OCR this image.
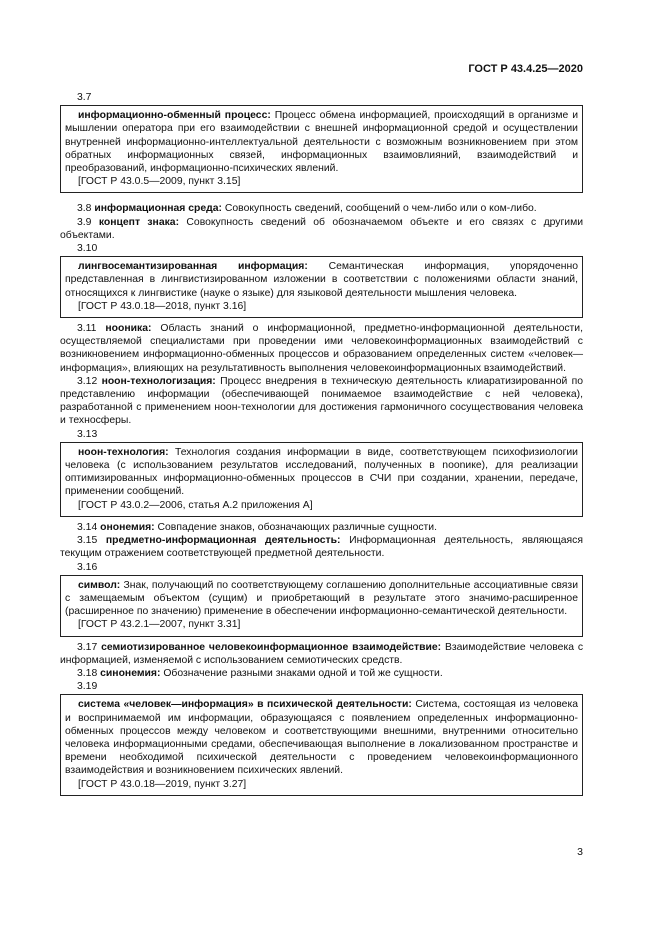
ГОСТ Р 43.4.25—2020
3.7

информационно-обменный процесс: Процесс обмена информацией, происходящий в организме и мышлении оператора при его взаимодействии с внешней информационной средой и осуществлении внутренней информационно-интеллектуальной деятельности с возможным возникновением при этом обратных информационных связей, информационных взаимовлияний, взаимодействий и преобразований, информационно-психических явлений.

[ГОСТ Р 43.0.5—2009, пункт 3.15]

3.8 информационная среда: Совокупность сведений, сообщений о чем-либо или о ком-либо.

3.9 концепт знака: Совокупность сведений об обозначаемом объекте и его связях с другими объектами.

3.10

лингвосемантизированная информация: Семантическая информация, упорядоченно представленная в лингвистизированном изложении в соответствии с положениями области знаний, относящихся к лингвистике (науке о языке) для языковой деятельности мышления человека.

[ГОСТ Р 43.0.18—2018, пункт 3.16]

3.11 нооника: Область знаний о информационной, предметно-информационной деятельности, осуществляемой специалистами при проведении ими человекоинформационных взаимодействий с возникновением информационно-обменных процессов и образованием определенных систем «человек—информация», влияющих на результативность выполнения человекоинформационных взаимодействий.

3.12 ноон-технологизация: Процесс внедрения в техническую деятельность клиаратизированной по представлению информации (обеспечивающей понимаемое взаимодействие с ней человека), разработанной с применением ноон-технологии для достижения гармоничного сосуществования человека и техносферы.

3.13

ноон-технология: Технология создания информации в виде, соответствующем психофизиологии человека (с использованием результатов исследований, полученных в noonике), для реализации оптимизированных информационно-обменных процессов в СЧИ при создании, хранении, передаче, применении сообщений.

[ГОСТ Р 43.0.2—2006, статья А.2 приложения А]

3.14 ононемия: Совпадение знаков, обозначающих различные сущности.

3.15 предметно-информационная деятельность: Информационная деятельность, являющаяся текущим отражением соответствующей предметной деятельности.

3.16

символ: Знак, получающий по соответствующему соглашению дополнительные ассоциативные связи с замещаемым объектом (сущим) и приобретающий в результате этого значимо-расширенное (расширенное по значению) применение в обеспечении информационно-семантической деятельности.

[ГОСТ Р 43.2.1—2007, пункт 3.31]

3.17 семиотизированное человекоинформационное взаимодействие: Взаимодействие человека с информацией, изменяемой с использованием семиотических средств.

3.18 синонемия: Обозначение разными знаками одной и той же сущности.

3.19

система «человек—информация» в психической деятельности: Система, состоящая из человека и воспринимаемой им информации, образующаяся с появлением определенных информационно-обменных процессов между человеком и соответствующими внешними, внутренними относительно человека информационными средами, обеспечивающая выполнение в локализованном пространстве и времени необходимой психической деятельности с проведением человекоинформационного взаимодействия и возникновением психических явлений.

[ГОСТ Р 43.0.18—2019, пункт 3.27]

3
